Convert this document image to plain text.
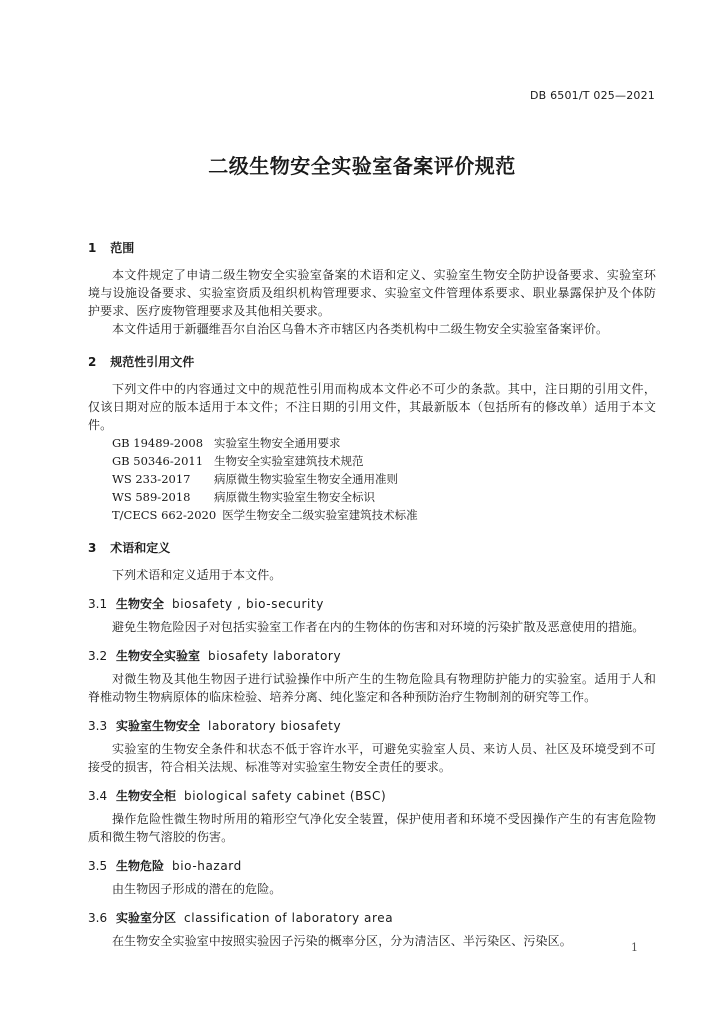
DB 6501/T 025—2021
二级生物安全实验室备案评价规范
1 范围

本文件规定了申请二级生物安全实验室备案的术语和定义、实验室生物安全防护设备要求、实验室环境与设施设备要求、实验室资质及组织机构管理要求、实验室文件管理体系要求、职业暴露保护及个体防护要求、医疗废物管理要求及其他相关要求。

本文件适用于新疆维吾尔自治区乌鲁木齐市辖区内各类机构中二级生物安全实验室备案评价。

2 规范性引用文件

下列文件中的内容通过文中的规范性引用而构成本文件必不可少的条款。其中，注日期的引用文件，仅该日期对应的版本适用于本文件；不注日期的引用文件，其最新版本（包括所有的修改单）适用于本文件。

GB 19489-2008 实验室生物安全通用要求
GB 50346-2011 生物安全实验室建筑技术规范
WS 233-2017 病原微生物实验室生物安全通用准则
WS 589-2018 病原微生物实验室生物安全标识
T/CECS 662-2020 医学生物安全二级实验室建筑技术标准
3 术语和定义

下列术语和定义适用于本文件。

3.1 生物安全 biosafety , bio-security

避免生物危险因子对包括实验室工作者在内的生物体的伤害和对环境的污染扩散及恶意使用的措施。

3.2 生物安全实验室 biosafety laboratory

对微生物及其他生物因子进行试验操作中所产生的生物危险具有物理防护能力的实验室。适用于人和脊椎动物生物病原体的临床检验、培养分离、纯化鉴定和各种预防治疗生物制剂的研究等工作。

3.3 实验室生物安全 laboratory biosafety

实验室的生物安全条件和状态不低于容许水平，可避免实验室人员、来访人员、社区及环境受到不可接受的损害，符合相关法规、标准等对实验室生物安全责任的要求。

3.4 生物安全柜 biological safety cabinet (BSC)

操作危险性微生物时所用的箱形空气净化安全装置，保护使用者和环境不受因操作产生的有害危险物质和微生物气溶胶的伤害。

3.5 生物危险 bio-hazard

由生物因子形成的潜在的危险。

3.6 实验室分区 classification of laboratory area

在生物安全实验室中按照实验因子污染的概率分区，分为清洁区、半污染区、污染区。	1
